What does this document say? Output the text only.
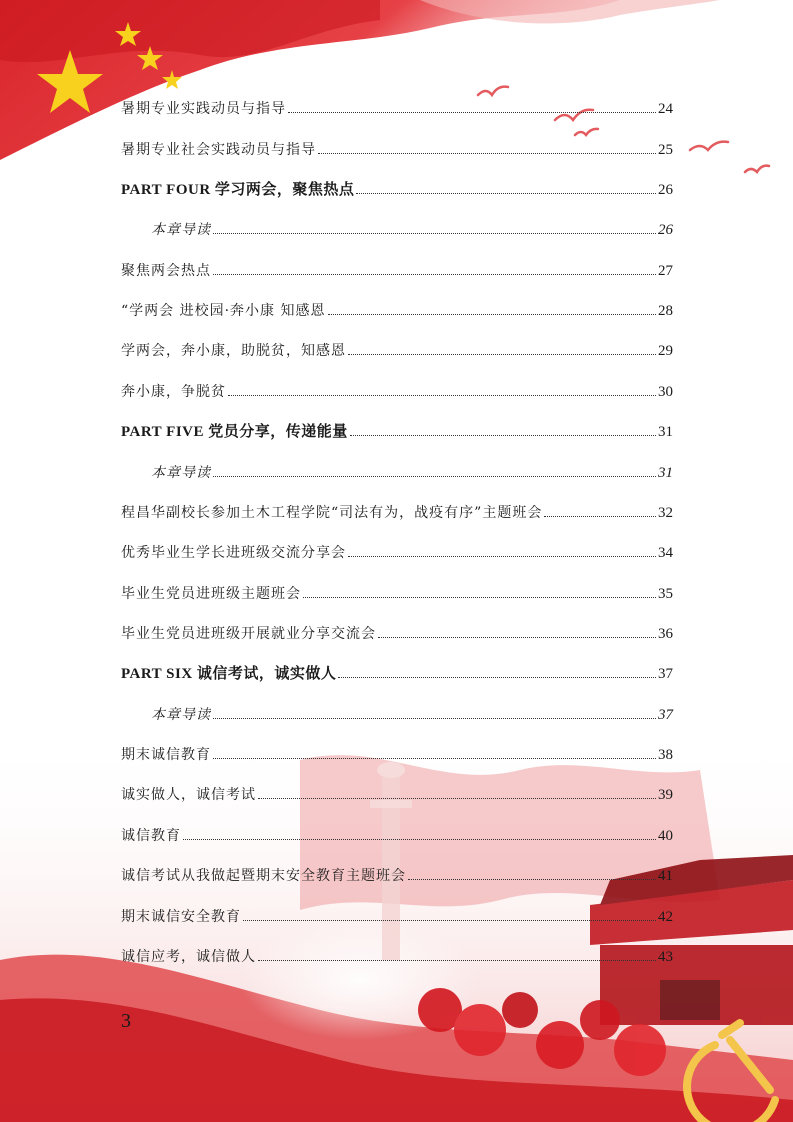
暑期专业实践动员与指导	24
暑期专业社会实践动员与指导	25
PART FOUR 学习两会，聚焦热点	26
本章导读	26
聚焦两会热点	27
“学两会 进校园·奔小康 知感恩	28
学两会，奔小康，助脱贫，知感恩	29
奔小康，争脱贫	30
PART FIVE 党员分享，传递能量	31
本章导读	31
程昌华副校长参加土木工程学院“司法有为，战疫有序”主题班会	32
优秀毕业生学长进班级交流分享会	34
毕业生党员进班级主题班会	35
毕业生党员进班级开展就业分享交流会	36
PART SIX 诚信考试，诚实做人	37
本章导读	37
期末诚信教育	38
诚实做人，诚信考试	39
诚信教育	40
诚信考试从我做起暨期末安全教育主题班会	41
期末诚信安全教育	42
诚信应考，诚信做人	43
3
